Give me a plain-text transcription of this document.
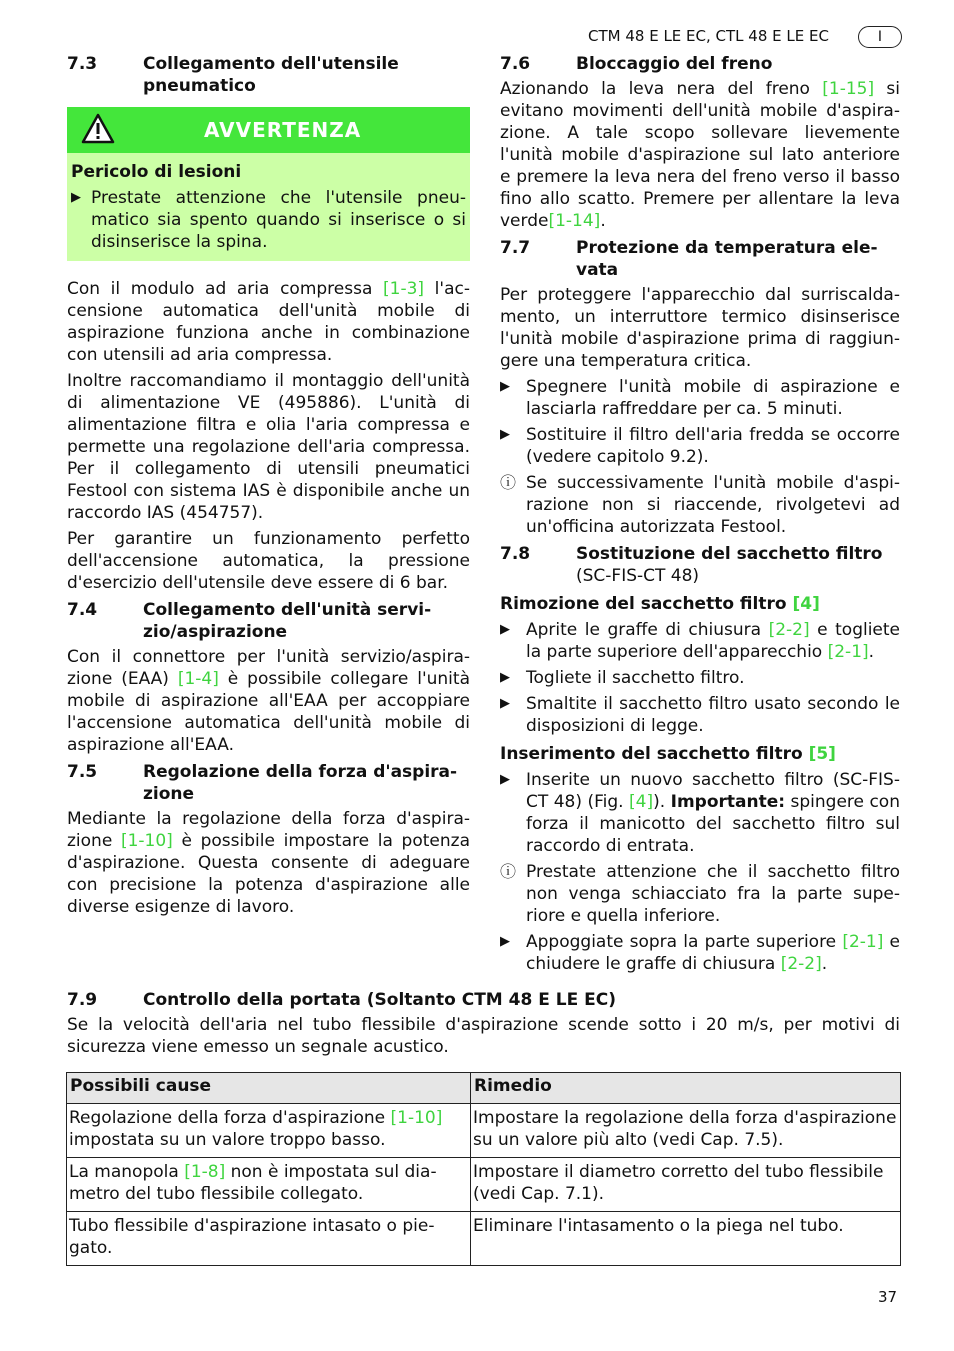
CTM 48 E LE EC, CTL 48 E LE EC	I
7.3	Collegamento dell'utensile pneumatico
AVVERTENZA
Pericolo di lesioni
▶ Prestate attenzione che l'utensile pneumatico sia spento quando si inserisce o si disinserisce la spina.

Con il modulo ad aria compressa [1-3] l'accensione automatica dell'unità mobile di aspirazione funziona anche in combinazione con utensili ad aria compressa.

Inoltre raccomandiamo il montaggio dell'unità di alimentazione VE (495886). L'unità di alimentazione filtra e olia l'aria compressa e permette una regolazione dell'aria compressa. Per il collegamento di utensili pneumatici Festool con sistema IAS è disponibile anche un raccordo IAS (454757).

Per garantire un funzionamento perfetto dell'accensione automatica, la pressione d'esercizio dell'utensile deve essere di 6 bar.

7.4	Collegamento dell'unità servizio/aspirazione

Con il connettore per l'unità servizio/aspirazione (EAA) [1-4] è possibile collegare l'unità mobile di aspirazione all'EAA per accoppiare l'accensione automatica dell'unità mobile di aspirazione all'EAA.

7.5	Regolazione della forza d'aspirazione

Mediante la regolazione della forza d'aspirazione [1-10] è possibile impostare la potenza d'aspirazione. Questa consente di adeguare con precisione la potenza d'aspirazione alle diverse esigenze di lavoro.

7.6	Bloccaggio del freno

Azionando la leva nera del freno [1-15] si evitano movimenti dell'unità mobile d'aspirazione. A tale scopo sollevare lievemente l'unità mobile d'aspirazione sul lato anteriore e premere la leva nera del freno verso il basso fino allo scatto. Premere per allentare la leva verde[1-14].

7.7	Protezione da temperatura elevata

Per proteggere l'apparecchio dal surriscaldamento, un interruttore termico disinserisce l'unità mobile d'aspirazione prima di raggiungere una temperatura critica.

▶ Spegnere l'unità mobile di aspirazione e lasciarla raffreddare per ca. 5 minuti.
▶ Sostituire il filtro dell'aria fredda se occorre (vedere capitolo 9.2).
ⓘ Se successivamente l'unità mobile d'aspirazione non si riaccende, rivolgetevi ad un'officina autorizzata Festool.
7.8	Sostituzione del sacchetto filtro
(SC-FIS-CT 48)
Rimozione del sacchetto filtro [4]
▶ Aprite le graffe di chiusura [2-2] e togliete la parte superiore dell'apparecchio [2-1].
▶ Togliete il sacchetto filtro.
▶ Smaltite il sacchetto filtro usato secondo le disposizioni di legge.
Inserimento del sacchetto filtro [5]
▶ Inserite un nuovo sacchetto filtro (SC-FIS-CT 48) (Fig. [4]). Importante: spingere con forza il manicotto del sacchetto filtro sul raccordo di entrata.
ⓘ Prestate attenzione che il sacchetto filtro non venga schiacciato fra la parte superiore e quella inferiore.
▶ Appoggiate sopra la parte superiore [2-1] e chiudere le graffe di chiusura [2-2].
7.9	Controllo della portata (Soltanto CTM 48 E LE EC)

Se la velocità dell'aria nel tubo flessibile d'aspirazione scende sotto i 20 m/s, per motivi di sicurezza viene emesso un segnale acustico.

Possibili cause	Rimedio
Regolazione della forza d'aspirazione [1-10] impostata su un valore troppo basso.	Impostare la regolazione della forza d'aspirazione su un valore più alto (vedi Cap. 7.5).
La manopola [1-8] non è impostata sul diametro del tubo flessibile collegato.	Impostare il diametro corretto del tubo flessibile (vedi Cap. 7.1).
Tubo flessibile d'aspirazione intasato o piegato.	Eliminare l'intasamento o la piega nel tubo.
37
